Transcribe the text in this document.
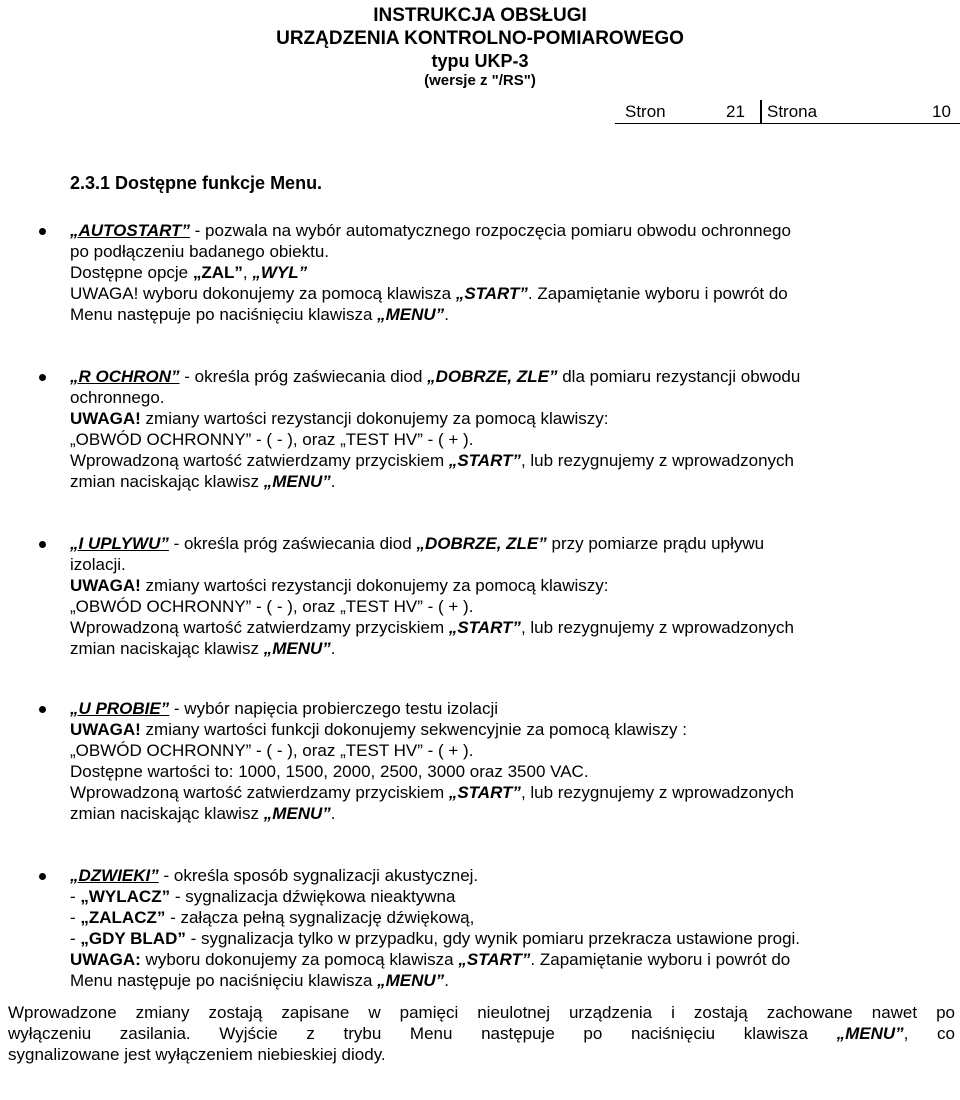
INSTRUKCJA OBSŁUGI
URZĄDZENIA KONTROLNO-POMIAROWEGO
typu UKP-3
(wersje z "/RS")
Stron	21 Strona	10
2.3.1 Dostępne funkcje Menu.
„AUTOSTART” - pozwala na wybór automatycznego rozpoczęcia pomiaru obwodu ochronnego
po podłączeniu badanego obiektu.
Dostępne opcje „ZAL”, „WYL”
UWAGA! wyboru dokonujemy za pomocą klawisza „START”. Zapamiętanie wyboru i powrót do
Menu następuje po naciśnięciu klawisza „MENU”.
„R OCHRON” - określa próg zaświecania diod „DOBRZE, ZLE” dla pomiaru rezystancji obwodu
ochronnego.
UWAGA! zmiany wartości rezystancji dokonujemy za pomocą klawiszy:
„OBWÓD OCHRONNY” - ( - ), oraz „TEST HV” - ( + ).
Wprowadzoną wartość zatwierdzamy przyciskiem „START”, lub rezygnujemy z wprowadzonych
zmian naciskając klawisz „MENU”.
„I UPLYWU” - określa próg zaświecania diod „DOBRZE, ZLE” przy pomiarze prądu upływu
izolacji.
UWAGA! zmiany wartości rezystancji dokonujemy za pomocą klawiszy:
„OBWÓD OCHRONNY” - ( - ), oraz „TEST HV” - ( + ).
Wprowadzoną wartość zatwierdzamy przyciskiem „START”, lub rezygnujemy z wprowadzonych
zmian naciskając klawisz „MENU”.
„U PROBIE” - wybór napięcia probierczego testu izolacji
UWAGA! zmiany wartości funkcji dokonujemy sekwencyjnie za pomocą klawiszy :
„OBWÓD OCHRONNY” - ( - ), oraz „TEST HV” - ( + ).
Dostępne wartości to: 1000, 1500, 2000, 2500, 3000 oraz 3500 VAC.
Wprowadzoną wartość zatwierdzamy przyciskiem „START”, lub rezygnujemy z wprowadzonych
zmian naciskając klawisz „MENU”.
„DZWIEKI” - określa sposób sygnalizacji akustycznej.
- „WYLACZ” - sygnalizacja dźwiękowa nieaktywna
- „ZALACZ” - załącza pełną sygnalizację dźwiękową,
- „GDY BLAD” - sygnalizacja tylko w przypadku, gdy wynik pomiaru przekracza ustawione progi.
UWAGA: wyboru dokonujemy za pomocą klawisza „START”. Zapamiętanie wyboru i powrót do
Menu następuje po naciśnięciu klawisza „MENU”.
Wprowadzone zmiany zostają zapisane w pamięci nieulotnej urządzenia i zostają zachowane nawet po
wyłączeniu zasilania. Wyjście z trybu Menu następuje po naciśnięciu klawisza „MENU”, co
sygnalizowane jest wyłączeniem niebieskiej diody.
